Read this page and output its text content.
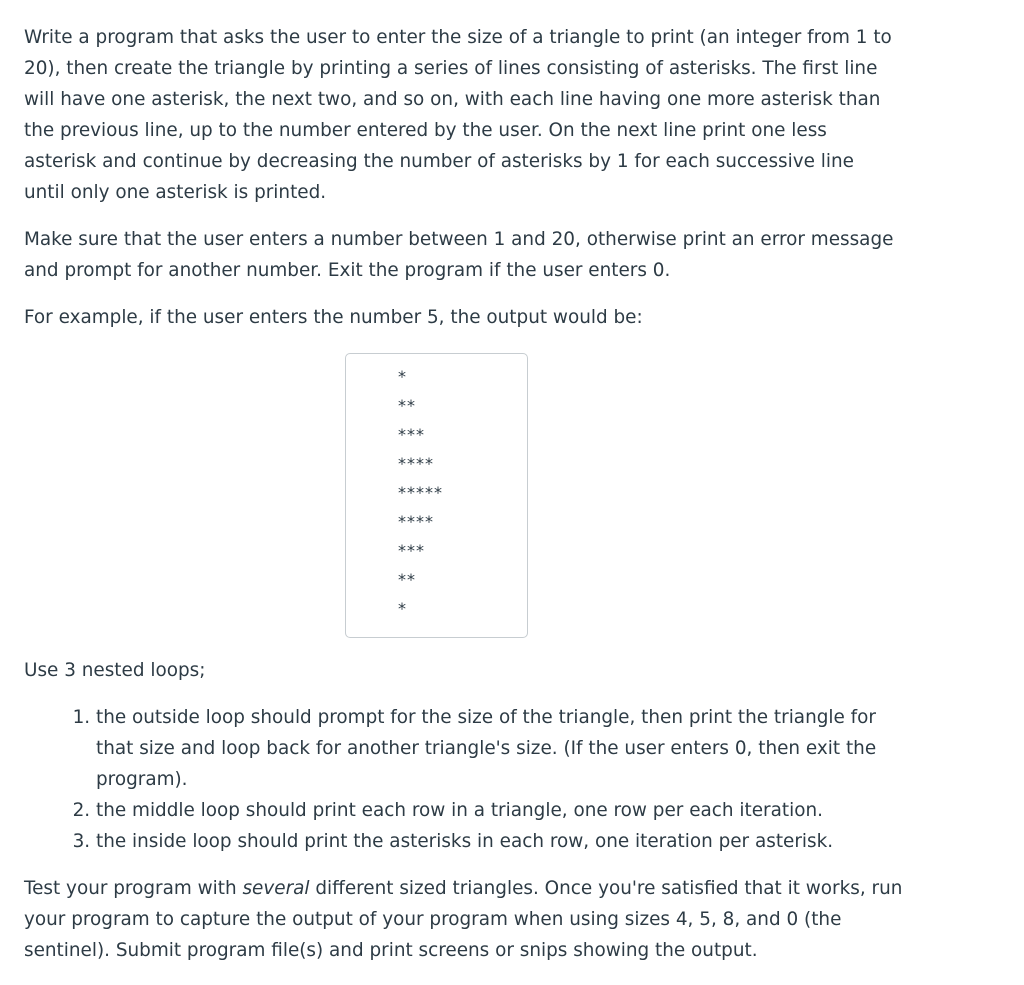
Write a program that asks the user to enter the size of a triangle to print (an integer from 1 to 20), then create the triangle by printing a series of lines consisting of asterisks. The first line will have one asterisk, the next two, and so on, with each line having one more asterisk than the previous line, up to the number entered by the user. On the next line print one less asterisk and continue by decreasing the number of asterisks by 1 for each successive line until only one asterisk is printed.

Make sure that the user enters a number between 1 and 20, otherwise print an error message and prompt for another number. Exit the program if the user enters 0.

For example, if the user enters the number 5, the output would be:

*
**
***
****
*****
****
***
**
*

Use 3 nested loops;

1. the outside loop should prompt for the size of the triangle, then print the triangle for that size and loop back for another triangle's size. (If the user enters 0, then exit the program).
2. the middle loop should print each row in a triangle, one row per each iteration.
3. the inside loop should print the asterisks in each row, one iteration per asterisk.

Test your program with several different sized triangles. Once you're satisfied that it works, run your program to capture the output of your program when using sizes 4, 5, 8, and 0 (the sentinel). Submit program file(s) and print screens or snips showing the output.
